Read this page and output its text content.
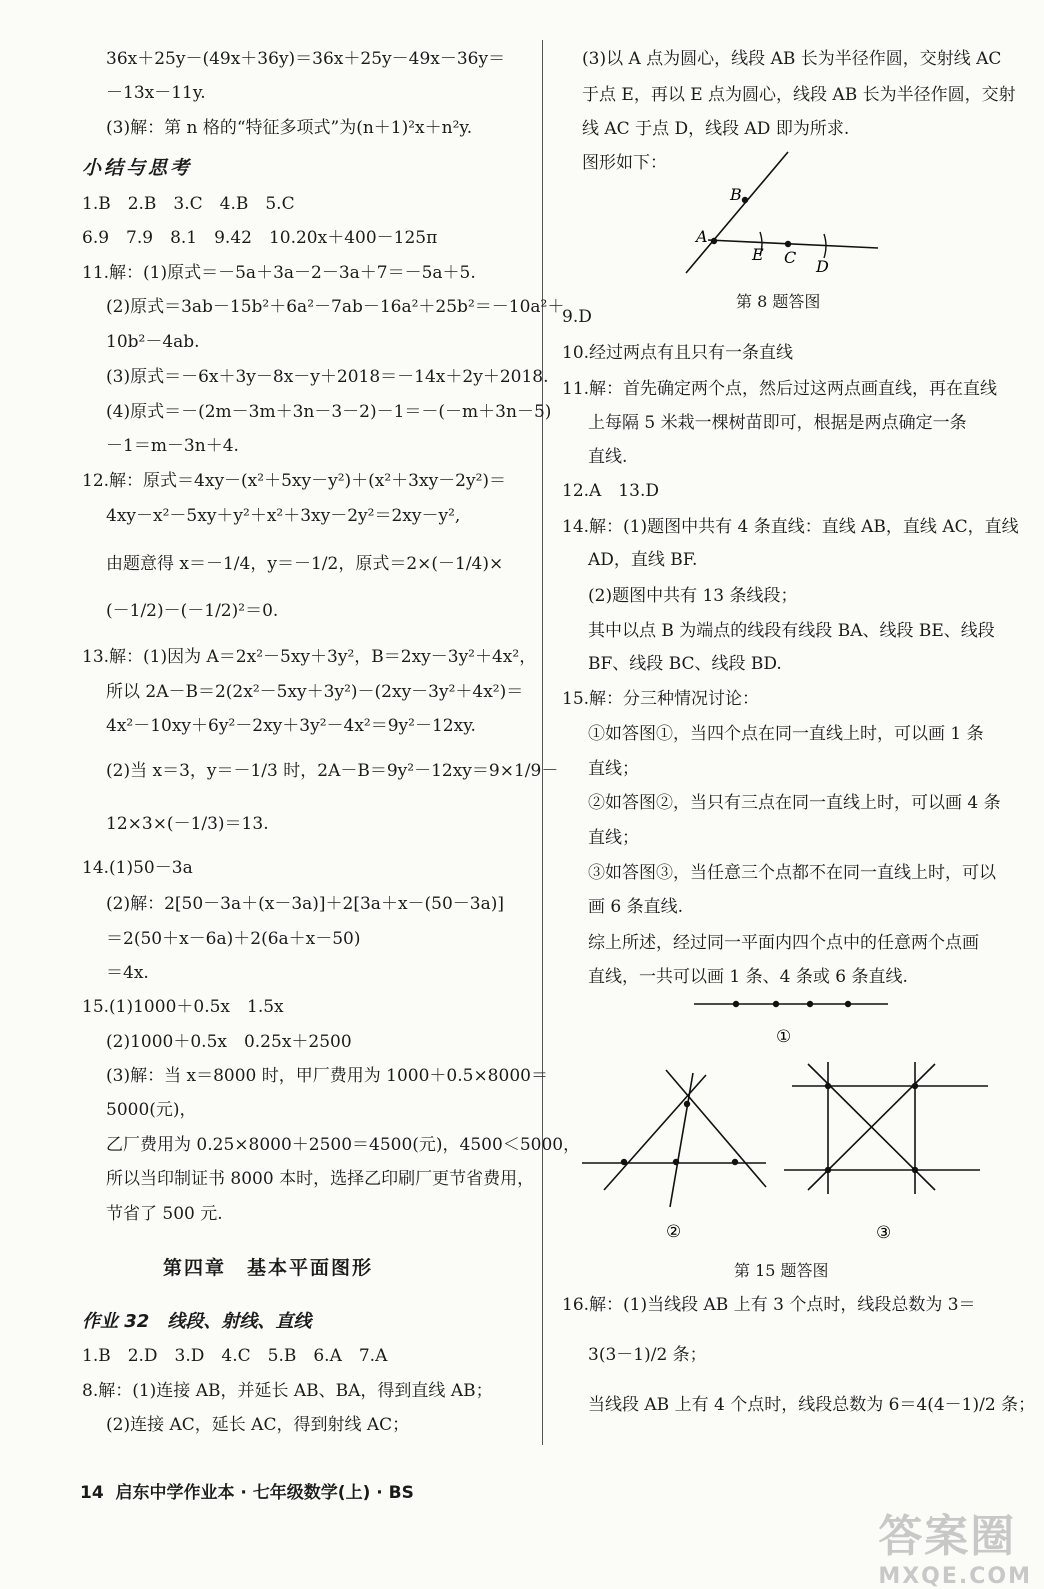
36x＋25y－(49x＋36y)＝36x＋25y－49x－36y＝
－13x－11y.
(3)解：第 n 格的“特征多项式”为(n＋1)²x＋n²y.
小结与思考
1.B　2.B　3.C　4.B　5.C
6.9　7.9　8.1　9.42　10.20x＋400－125π
11.解：(1)原式＝－5a＋3a－2－3a＋7＝－5a＋5.
(2)原式＝3ab－15b²＋6a²－7ab－16a²＋25b²＝－10a²＋
10b²－4ab.
(3)原式＝－6x＋3y－8x－y＋2018＝－14x＋2y＋2018.
(4)原式＝－(2m－3m＋3n－3－2)－1＝－(－m＋3n－5)
－1＝m－3n＋4.
12.解：原式＝4xy－(x²＋5xy－y²)＋(x²＋3xy－2y²)＝
4xy－x²－5xy＋y²＋x²＋3xy－2y²＝2xy－y²,
由题意得 x＝－1/4，y＝－1/2，原式＝2×(－1/4)×
(－1/2)－(－1/2)²＝0.
13.解：(1)因为 A＝2x²－5xy＋3y²，B＝2xy－3y²＋4x²，
所以 2A－B＝2(2x²－5xy＋3y²)－(2xy－3y²＋4x²)＝
4x²－10xy＋6y²－2xy＋3y²－4x²＝9y²－12xy.
(2)当 x＝3，y＝－1/3 时，2A－B＝9y²－12xy＝9×1/9－
12×3×(－1/3)＝13.
14.(1)50－3a
(2)解：2[50－3a＋(x－3a)]＋2[3a＋x－(50－3a)]
＝2(50＋x－6a)＋2(6a＋x－50)
＝4x.
15.(1)1000＋0.5x　1.5x
(2)1000＋0.5x　0.25x＋2500
(3)解：当 x＝8000 时，甲厂费用为 1000＋0.5×8000＝
5000(元)，
乙厂费用为 0.25×8000＋2500＝4500(元)，4500＜5000，
所以当印制证书 8000 本时，选择乙印刷厂更节省费用，
节省了 500 元.
第四章　基本平面图形
作业 32　线段、射线、直线
1.B　2.D　3.D　4.C　5.B　6.A　7.A
8.解：(1)连接 AB，并延长 AB、BA，得到直线 AB；
(2)连接 AC，延长 AC，得到射线 AC；
(3)以 A 点为圆心，线段 AB 长为半径作圆，交射线 AC
于点 E，再以 E 点为圆心，线段 AB 长为半径作圆，交射
线 AC 于点 D，线段 AD 即为所求.
图形如下：
A
B
E C D
第 8 题答图
9.D
10.经过两点有且只有一条直线
11.解：首先确定两个点，然后过这两点画直线，再在直线
上每隔 5 米栽一棵树苗即可，根据是两点确定一条
直线.
12.A　13.D
14.解：(1)题图中共有 4 条直线：直线 AB，直线 AC，直线
AD，直线 BF.
(2)题图中共有 13 条线段；
其中以点 B 为端点的线段有线段 BA、线段 BE、线段
BF、线段 BC、线段 BD.
15.解：分三种情况讨论：
①如答图①，当四个点在同一直线上时，可以画 1 条
直线；
②如答图②，当只有三点在同一直线上时，可以画 4 条
直线；
③如答图③，当任意三个点都不在同一直线上时，可以
画 6 条直线.
综上所述，经过同一平面内四个点中的任意两个点画
直线，一共可以画 1 条、4 条或 6 条直线.
①
②	③
第 15 题答图
16.解：(1)当线段 AB 上有 3 个点时，线段总数为 3＝
3(3－1)/2 条；
当线段 AB 上有 4 个点时，线段总数为 6＝4(4－1)/2 条；
14 启东中学作业本 · 七年级数学(上) · BS
答案圈
MXQE.COM
